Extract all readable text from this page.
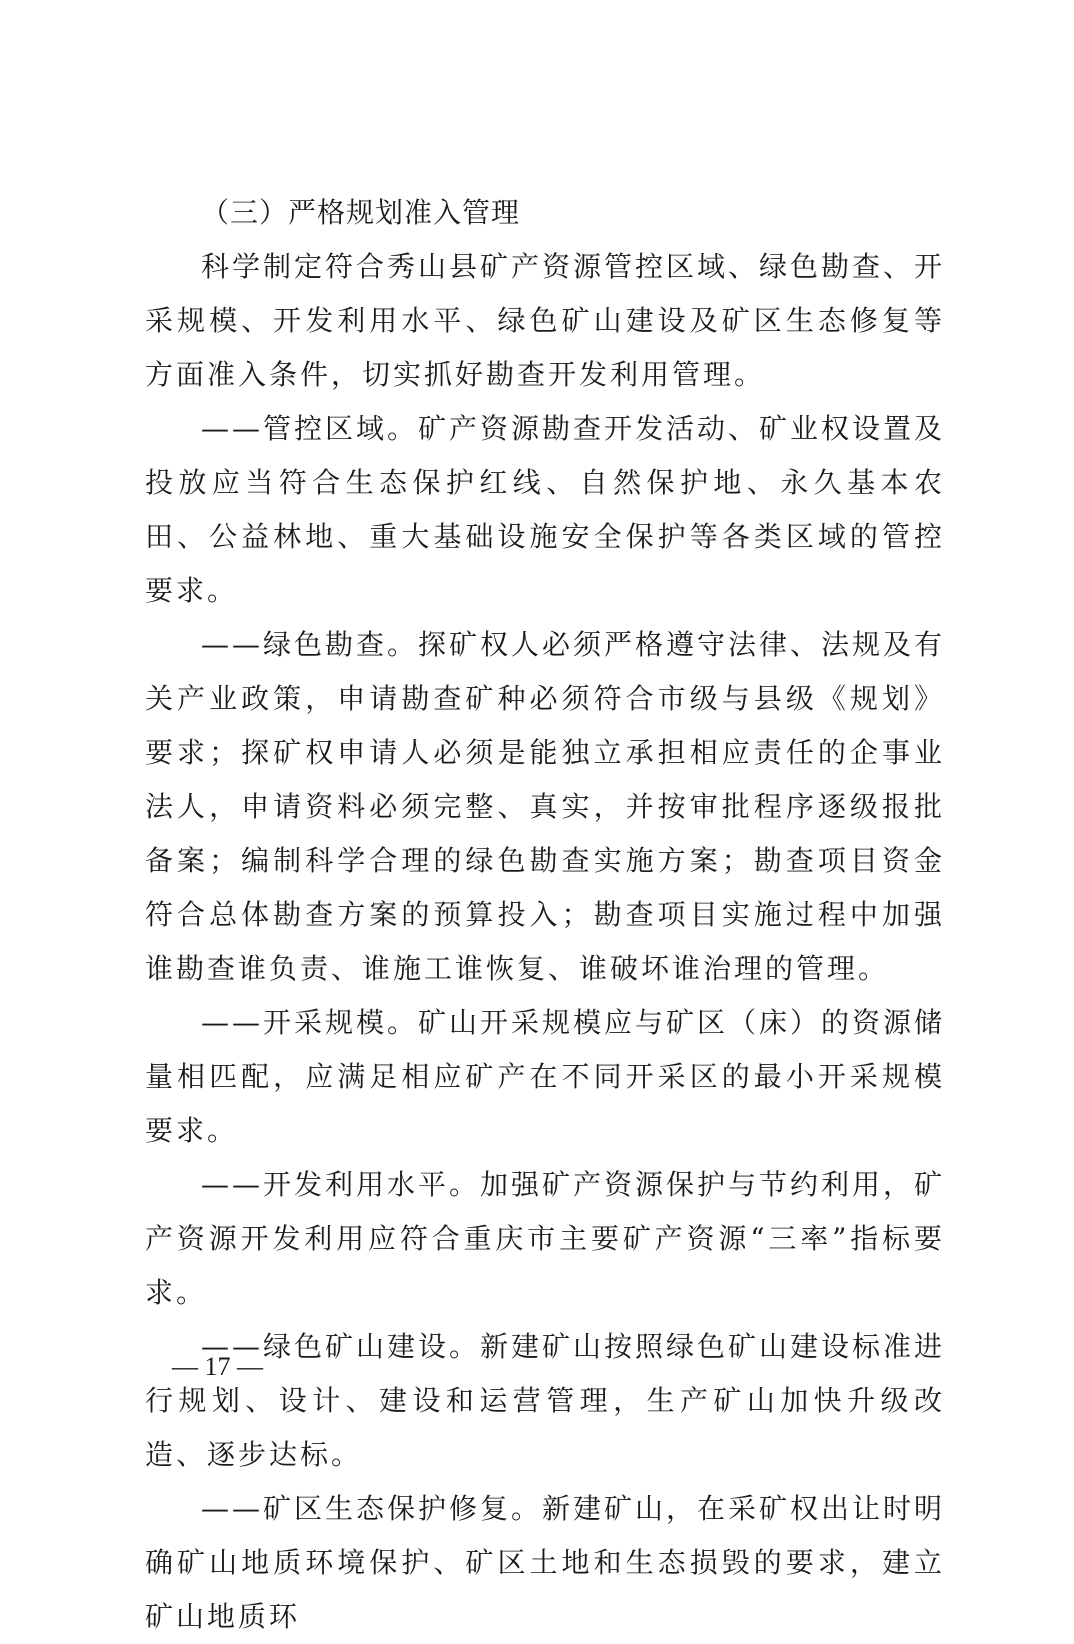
（三）严格规划准入管理

科学制定符合秀山县矿产资源管控区域、绿色勘查、开采规模、开发利用水平、绿色矿山建设及矿区生态修复等方面准入条件，切实抓好勘查开发利用管理。

——管控区域。矿产资源勘查开发活动、矿业权设置及投放应当符合生态保护红线、自然保护地、永久基本农田、公益林地、重大基础设施安全保护等各类区域的管控要求。

——绿色勘查。探矿权人必须严格遵守法律、法规及有关产业政策，申请勘查矿种必须符合市级与县级《规划》要求；探矿权申请人必须是能独立承担相应责任的企事业法人，申请资料必须完整、真实，并按审批程序逐级报批备案；编制科学合理的绿色勘查实施方案；勘查项目资金符合总体勘查方案的预算投入；勘查项目实施过程中加强谁勘查谁负责、谁施工谁恢复、谁破坏谁治理的管理。

——开采规模。矿山开采规模应与矿区（床）的资源储量相匹配，应满足相应矿产在不同开采区的最小开采规模要求。

——开发利用水平。加强矿产资源保护与节约利用，矿产资源开发利用应符合重庆市主要矿产资源“三率”指标要求。

——绿色矿山建设。新建矿山按照绿色矿山建设标准进行规划、设计、建设和运营管理，生产矿山加快升级改造、逐步达标。

——矿区生态保护修复。新建矿山，在采矿权出让时明确矿山地质环境保护、矿区土地和生态损毁的要求，建立矿山地质环

— 17 —
